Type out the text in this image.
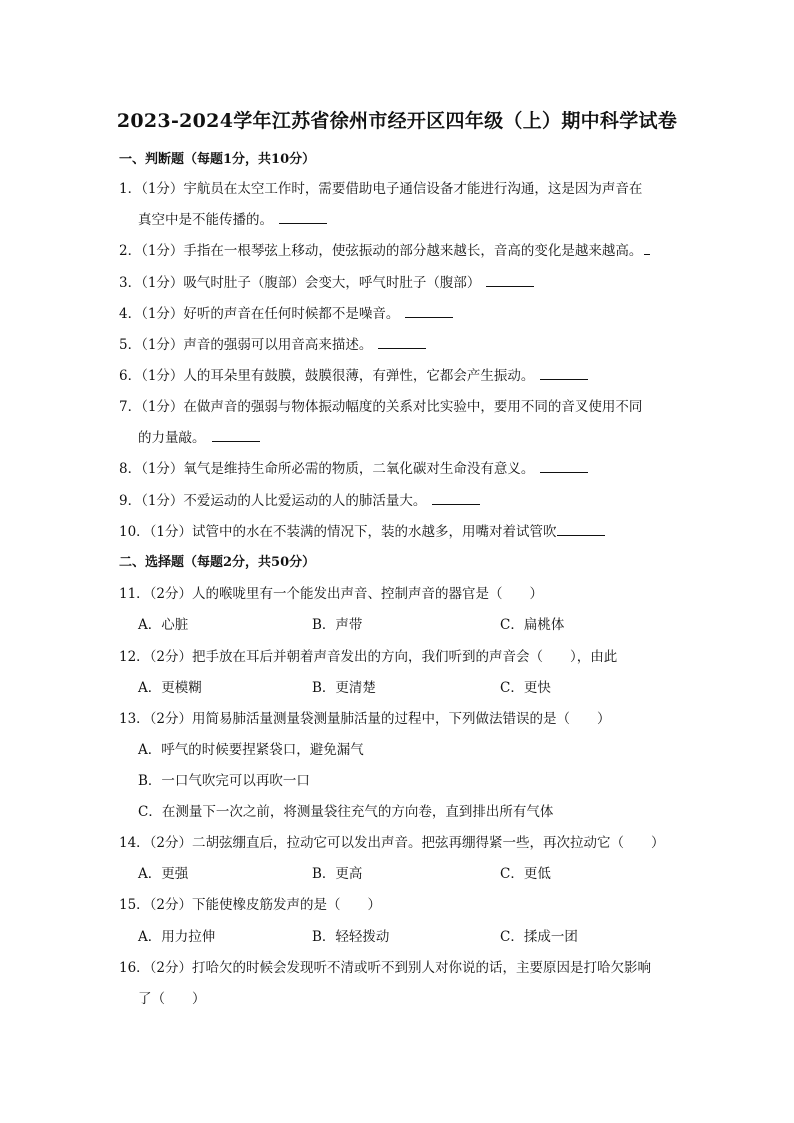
2023-2024学年江苏省徐州市经开区四年级（上）期中科学试卷
一、判断题（每题1分，共10分）
1．（1分）宇航员在太空工作时，需要借助电子通信设备才能进行沟通，这是因为声音在
真空中是不能传播的。
2．（1分）手指在一根琴弦上移动，使弦振动的部分越来越长，音高的变化是越来越高。
3．（1分）吸气时肚子（腹部）会变大，呼气时肚子（腹部）
4．（1分）好听的声音在任何时候都不是噪音。
5．（1分）声音的强弱可以用音高来描述。
6．（1分）人的耳朵里有鼓膜，鼓膜很薄，有弹性，它都会产生振动。
7．（1分）在做声音的强弱与物体振动幅度的关系对比实验中，要用不同的音叉使用不同
的力量敲。
8．（1分）氧气是维持生命所必需的物质，二氧化碳对生命没有意义。
9．（1分）不爱运动的人比爱运动的人的肺活量大。
10．（1分）试管中的水在不装满的情况下，装的水越多，用嘴对着试管吹
二、选择题（每题2分，共50分）
11．（2分）人的喉咙里有一个能发出声音、控制声音的器官是（　　）
A．心脏	B．声带	C．扁桃体
12．（2分）把手放在耳后并朝着声音发出的方向，我们听到的声音会（　　），由此
A．更模糊	B．更清楚	C．更快
13．（2分）用简易肺活量测量袋测量肺活量的过程中，下列做法错误的是（　　）
A．呼气的时候要捏紧袋口，避免漏气
B．一口气吹完可以再吹一口
C．在测量下一次之前，将测量袋往充气的方向卷，直到排出所有气体
14．（2分）二胡弦绷直后，拉动它可以发出声音。把弦再绷得紧一些，再次拉动它（　　）
A．更强	B．更高	C．更低
15．（2分）下能使橡皮筋发声的是（　　）
A．用力拉伸	B．轻轻拨动	C．揉成一团
16．（2分）打哈欠的时候会发现听不清或听不到别人对你说的话，主要原因是打哈欠影响
了（　　）
